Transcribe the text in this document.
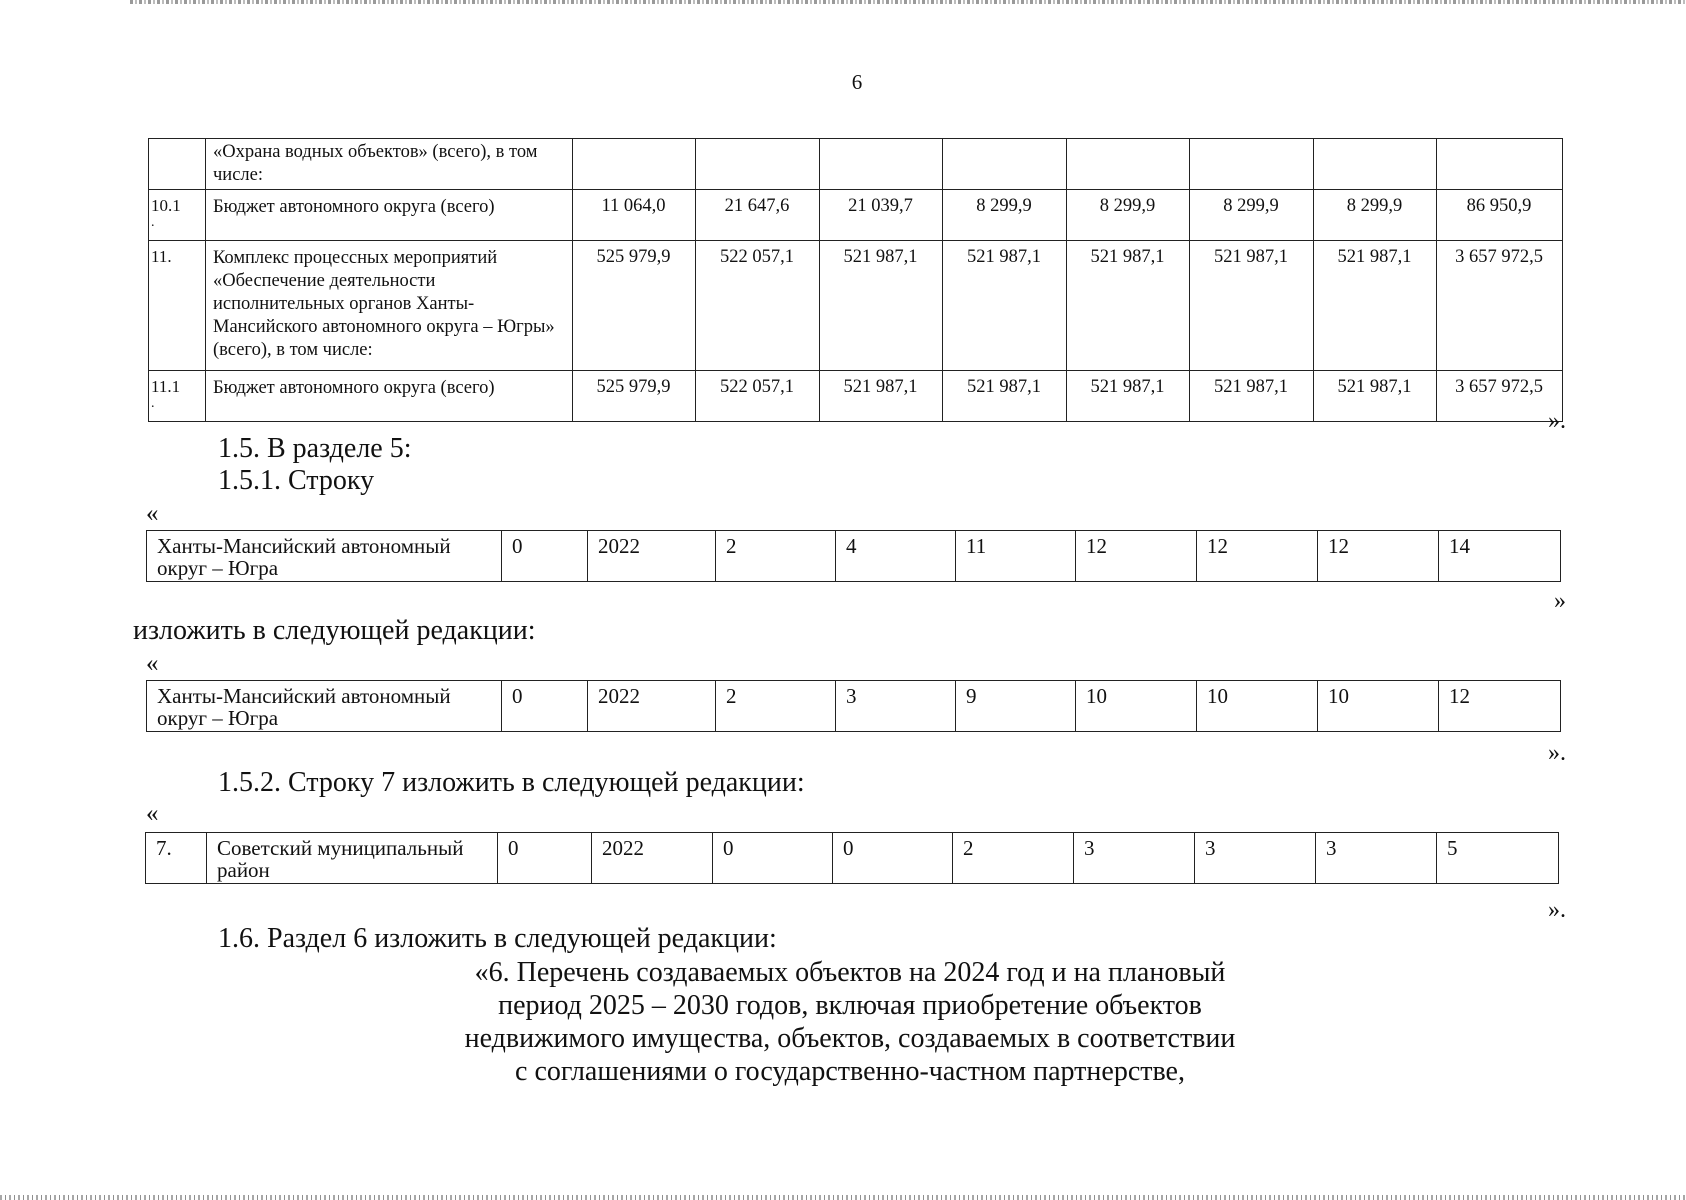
6
	«Охрана водных объектов» (всего), в том числе:								
10.1
.	Бюджет автономного округа (всего)	11 064,0	21 647,6	21 039,7	8 299,9	8 299,9	8 299,9	8 299,9	86 950,9
11.	Комплекс процессных мероприятий «Обеспечение деятельности исполнительных органов Ханты-Мансийского автономного округа – Югры» (всего), в том числе:	525 979,9	522 057,1	521 987,1	521 987,1	521 987,1	521 987,1	521 987,1	3 657 972,5
11.1
.	Бюджет автономного округа (всего)	525 979,9	522 057,1	521 987,1	521 987,1	521 987,1	521 987,1	521 987,1	3 657 972,5
».
1.5. В разделе 5:
1.5.1. Строку
«
Ханты-Мансийский автономный округ – Югра	0	2022	2	4	11	12	12	12	14
»
изложить в следующей редакции:
«
Ханты-Мансийский автономный округ – Югра	0	2022	2	3	9	10	10	10	12
».
1.5.2. Строку 7 изложить в следующей редакции:
«
7.	Советский муниципальный район	0	2022	0	0	2	3	3	3	5
».
1.6. Раздел 6 изложить в следующей редакции:
«6. Перечень создаваемых объектов на 2024 год и на плановый
период 2025 – 2030 годов, включая приобретение объектов
недвижимого имущества, объектов, создаваемых в соответствии
с соглашениями о государственно-частном партнерстве,
